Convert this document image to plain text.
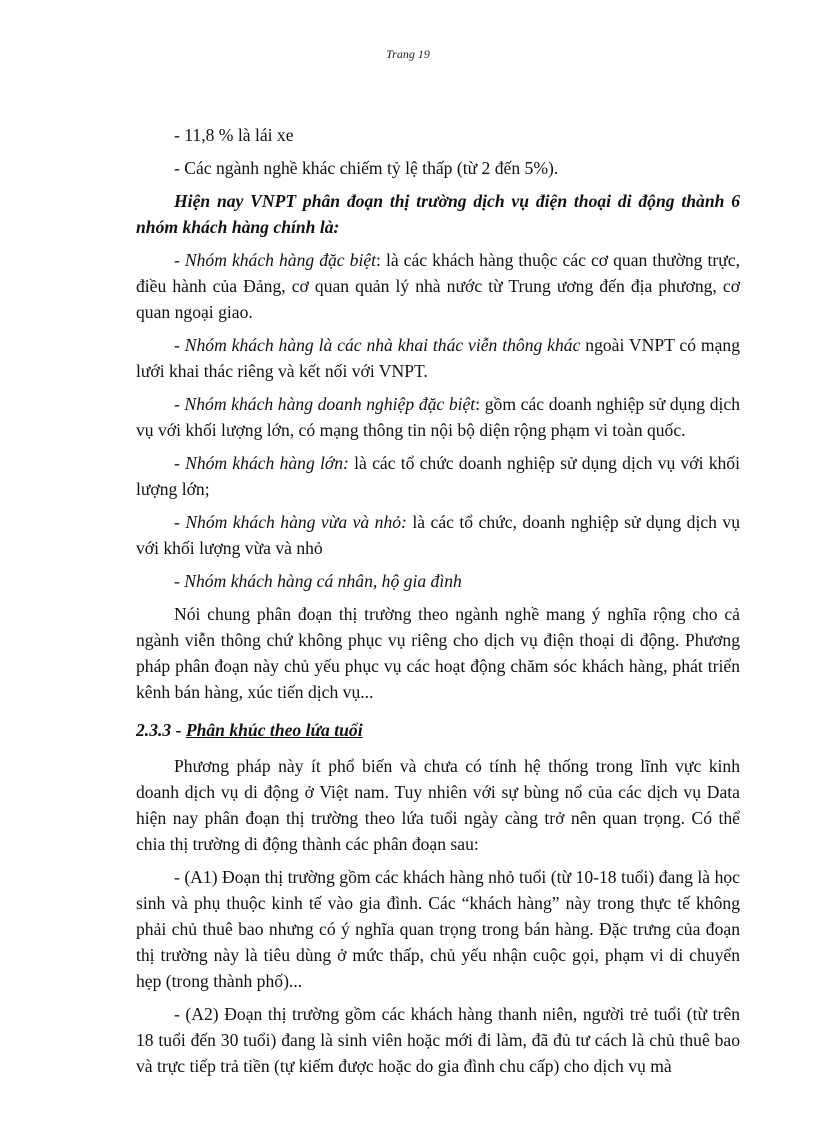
Trang 19

- 11,8 % là lái xe

- Các ngành nghề khác chiếm tỷ lệ thấp (từ 2 đến 5%).

Hiện nay VNPT phân đoạn thị trường dịch vụ điện thoại di động thành 6 nhóm khách hàng chính là:

- Nhóm khách hàng đặc biệt: là các khách hàng thuộc các cơ quan thường trực, điều hành của Đảng, cơ quan quản lý nhà nước từ Trung ương đến địa phương, cơ quan ngoại giao.

- Nhóm khách hàng là các nhà khai thác viễn thông khác ngoài VNPT có mạng lưới khai thác riêng và kết nối với VNPT.

- Nhóm khách hàng doanh nghiệp đặc biệt: gồm các doanh nghiệp sử dụng dịch vụ với khối lượng lớn, có mạng thông tin nội bộ diện rộng phạm vi toàn quốc.

- Nhóm khách hàng lớn: là các tổ chức doanh nghiệp sử dụng dịch vụ với khối lượng lớn;

- Nhóm khách hàng vừa và nhỏ: là các tổ chức, doanh nghiệp sử dụng dịch vụ với khối lượng vừa và nhỏ

- Nhóm khách hàng cá nhân, hộ gia đình

Nói chung phân đoạn thị trường theo ngành nghề mang ý nghĩa rộng cho cả ngành viễn thông chứ không phục vụ riêng cho dịch vụ điện thoại di động. Phương pháp phân đoạn này chủ yếu phục vụ các hoạt động chăm sóc khách hàng, phát triển kênh bán hàng, xúc tiến dịch vụ...

2.3.3 - Phân khúc theo lứa tuổi

Phương pháp này ít phổ biến và chưa có tính hệ thống trong lĩnh vực kinh doanh dịch vụ di động ở Việt nam. Tuy nhiên với sự bùng nổ của các dịch vụ Data hiện nay phân đoạn thị trường theo lứa tuổi ngày càng trở nên quan trọng. Có thể chia thị trường di động thành các phân đoạn sau:

- (A1) Đoạn thị trường gồm các khách hàng nhỏ tuổi (từ 10-18 tuổi) đang là học sinh và phụ thuộc kinh tế vào gia đình. Các “khách hàng” này trong thực tế không phải chủ thuê bao nhưng có ý nghĩa quan trọng trong bán hàng. Đặc trưng của đoạn thị trường này là tiêu dùng ở mức thấp, chủ yếu nhận cuộc gọi, phạm vi di chuyển hẹp (trong thành phố)...

- (A2) Đoạn thị trường gồm các khách hàng thanh niên, người trẻ tuổi (từ trên 18 tuổi đến 30 tuổi) đang là sinh viên hoặc mới đi làm, đã đủ tư cách là chủ thuê bao và trực tiếp trả tiền (tự kiếm được hoặc do gia đình chu cấp) cho dịch vụ mà
